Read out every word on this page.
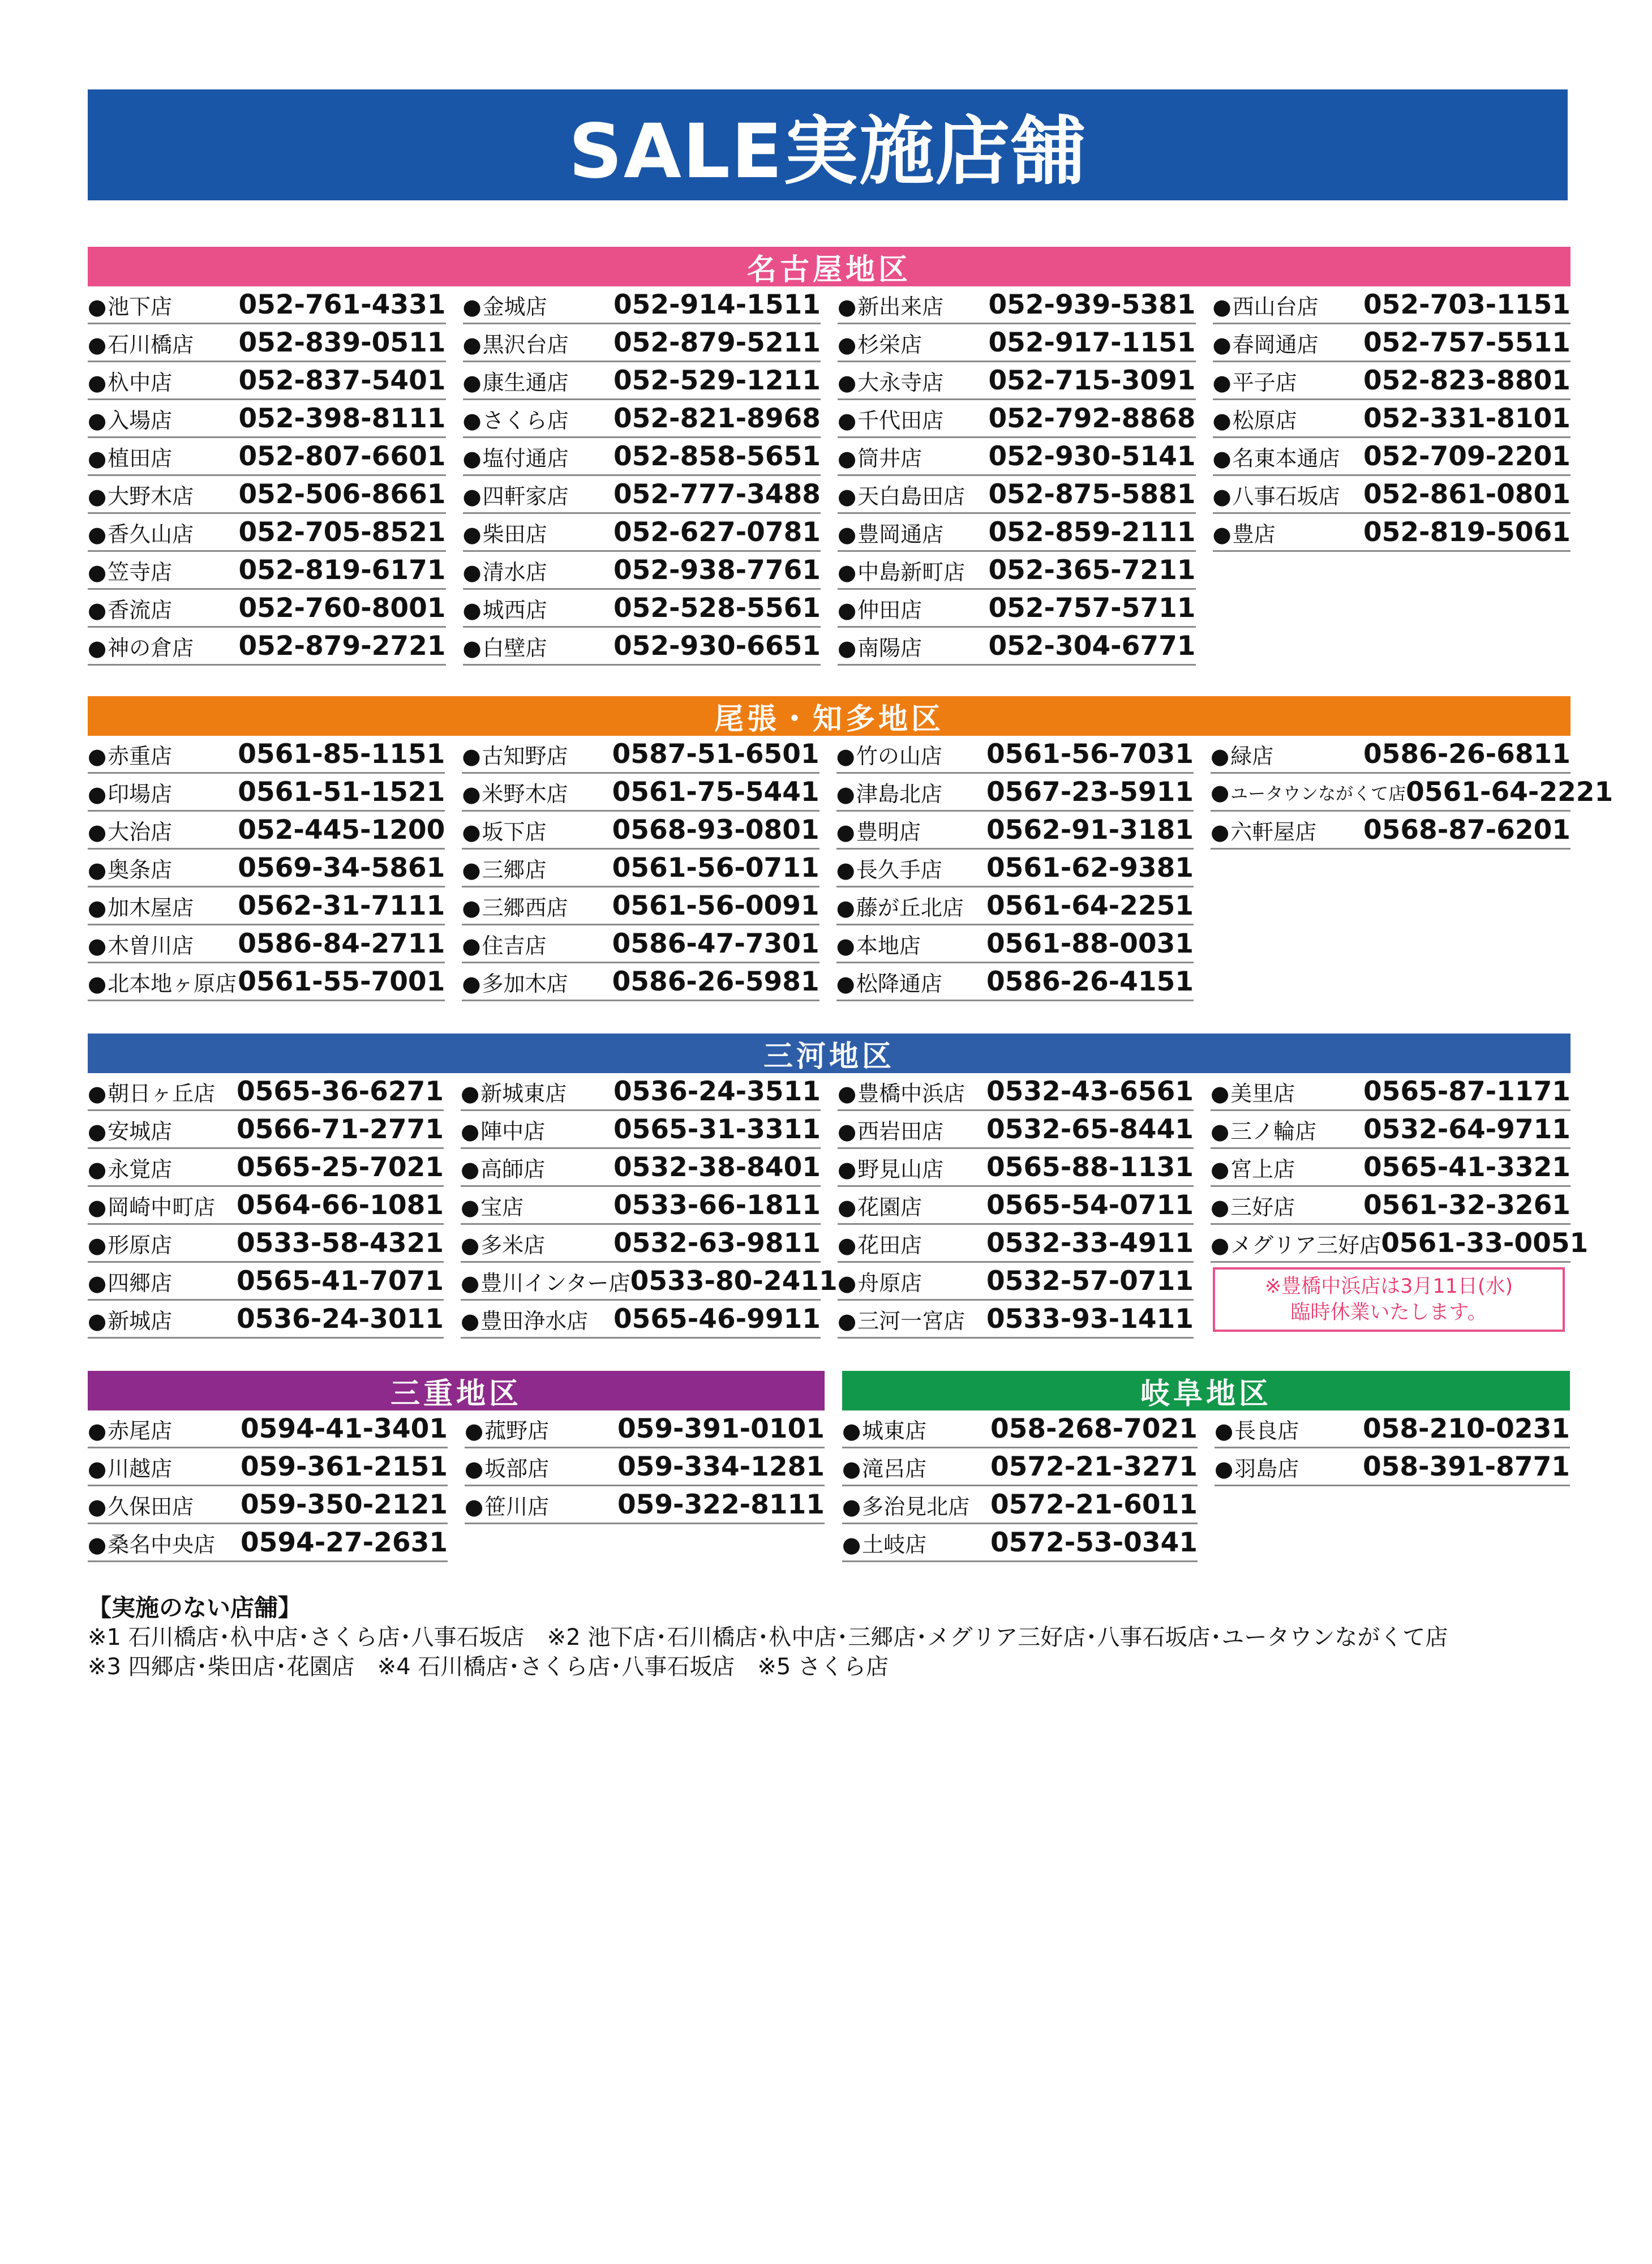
SALE実施店舗
名古屋地区
●池下店 052-761-4331
●石川橋店 052-839-0511
●杁中店 052-837-5401
●入場店 052-398-8111
●植田店 052-807-6601
●大野木店 052-506-8661
●香久山店 052-705-8521
●笠寺店 052-819-6171
●香流店 052-760-8001
●神の倉店 052-879-2721
●金城店 052-914-1511
●黒沢台店 052-879-5211
●康生通店 052-529-1211
●さくら店 052-821-8968
●塩付通店 052-858-5651
●四軒家店 052-777-3488
●柴田店 052-627-0781
●清水店 052-938-7761
●城西店 052-528-5561
●白壁店 052-930-6651
●新出来店 052-939-5381
●杉栄店 052-917-1151
●大永寺店 052-715-3091
●千代田店 052-792-8868
●筒井店 052-930-5141
●天白島田店 052-875-5881
●豊岡通店 052-859-2111
●中島新町店 052-365-7211
●仲田店 052-757-5711
●南陽店 052-304-6771
●西山台店 052-703-1151
●春岡通店 052-757-5511
●平子店 052-823-8801
●松原店 052-331-8101
●名東本通店 052-709-2201
●八事石坂店 052-861-0801
●豊店	052-819-5061
尾張・知多地区
●赤重店 0561-85-1151
●印場店 0561-51-1521
●大治店 052-445-1200
●奥条店 0569-34-5861
●加木屋店 0562-31-7111
●木曽川店 0586-84-2711
●北本地ヶ原店 0561-55-7001
●古知野店 0587-51-6501
●米野木店 0561-75-5441
●坂下店 0568-93-0801
●三郷店 0561-56-0711
●三郷西店 0561-56-0091
●住吉店 0586-47-7301
●多加木店 0586-26-5981
●竹の山店 0561-56-7031
●津島北店 0567-23-5911
●豊明店 0562-91-3181
●長久手店 0561-62-9381
●藤が丘北店 0561-64-2251
●本地店 0561-88-0031
●松降通店 0586-26-4151
●緑店	0586-26-6811
●ユータウンながくて店 0561-64-2221
●六軒屋店 0568-87-6201
三河地区
●朝日ヶ丘店 0565-36-6271
●安城店 0566-71-2771
●永覚店 0565-25-7021
●岡崎中町店 0564-66-1081
●形原店 0533-58-4321
●四郷店 0565-41-7071
●新城店 0536-24-3011
●新城東店 0536-24-3511
●陣中店	0565-31-3311
●高師店	0532-38-8401
●宝店	0533-66-1811
●多米店	0532-63-9811
●豊川インター店 0533-80-2411
●豊田浄水店 0565-46-9911
●豊橋中浜店 0532-43-6561
●西岩田店 0532-65-8441
●野見山店 0565-88-1131
●花園店 0565-54-0711
●花田店 0532-33-4911
●舟原店 0532-57-0711
●三河一宮店 0533-93-1411
●美里店	0565-87-1171
●三ノ輪店 0532-64-9711
●宮上店	0565-41-3321
●三好店	0561-32-3261
●メグリア三好店 0561-33-0051
※豊橋中浜店は3月11日(水)
臨時休業いたします。
三重地区
●赤尾店	0594-41-3401
●川越店	059-361-2151
●久保田店 059-350-2121
●桑名中央店 0594-27-2631
●菰野店	059-391-0101
●坂部店	059-334-1281
●笹川店	059-322-8111
岐阜地区
●城東店 058-268-7021
●滝呂店 0572-21-3271
●多治見北店 0572-21-6011
●土岐店 0572-53-0341
●長良店 058-210-0231
●羽島店 058-391-8771
【実施のない店舗】
※1 石川橋店･杁中店･さくら店･八事石坂店　※2 池下店･石川橋店･杁中店･三郷店･メグリア三好店･八事石坂店･ユータウンながくて店
※3 四郷店･柴田店･花園店　※4 石川橋店･さくら店･八事石坂店　※5 さくら店
